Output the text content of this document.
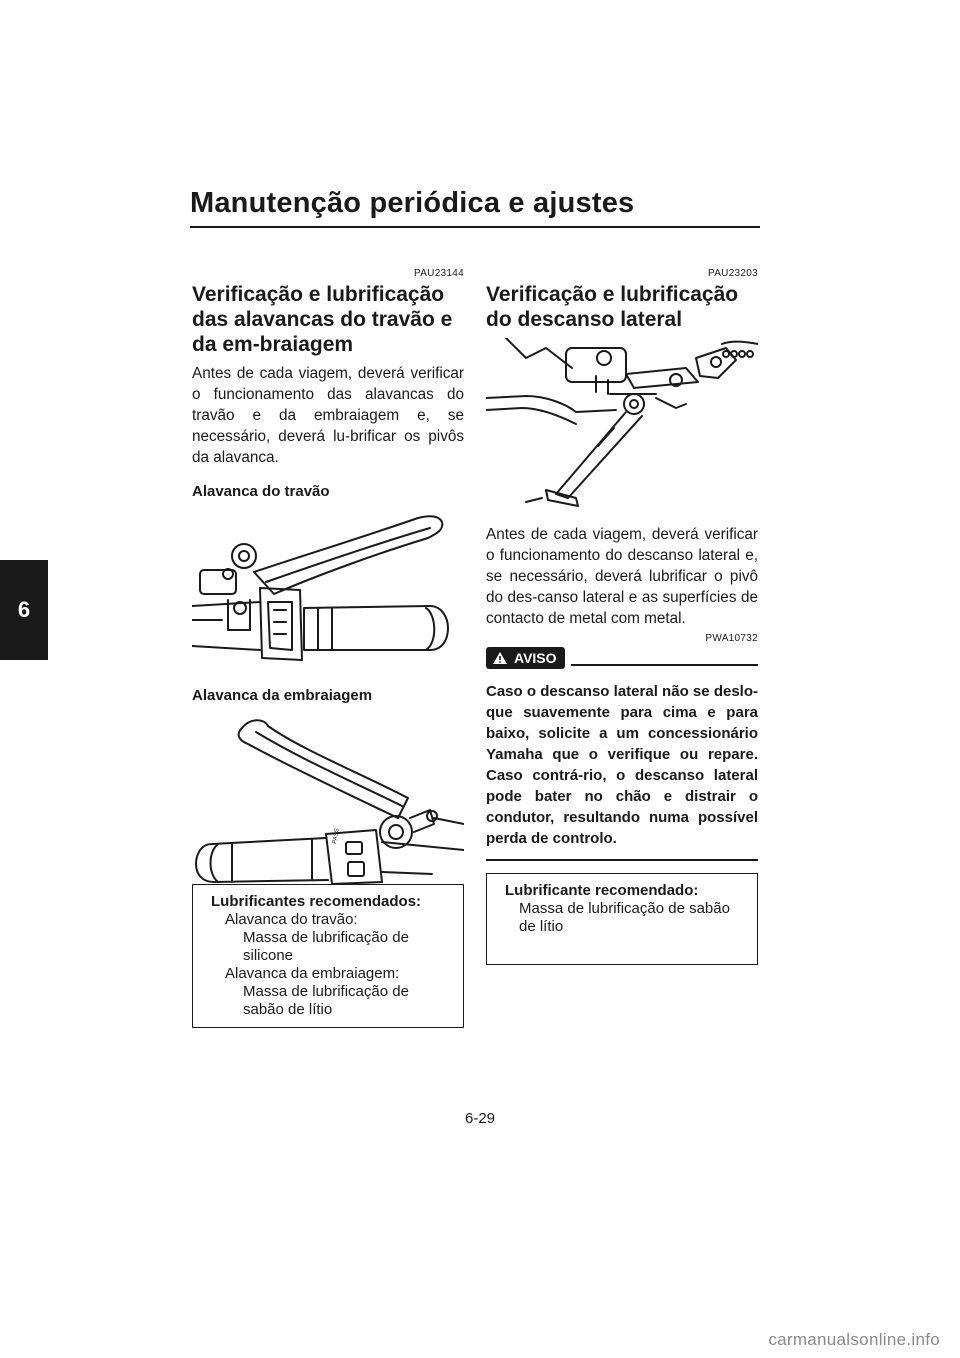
Manutenção periódica e ajustes
6
PAU23144
Verificação e lubrificação das alavancas do travão e da em-braiagem

Antes de cada viagem, deverá verificar o funcionamento das alavancas do travão e da embraiagem e, se necessário, deverá lu-brificar os pivôs da alavanca.

Alavanca do travão
Alavanca da embraiagem
PASS
Lubrificantes recomendados:
Alavanca do travão:
Massa de lubrificação de silicone
Alavanca da embraiagem:
Massa de lubrificação de sabão de lítio
PAU23203
Verificação e lubrificação do descanso lateral

Antes de cada viagem, deverá verificar o funcionamento do descanso lateral e, se necessário, deverá lubrificar o pivô do des-canso lateral e as superfícies de contacto de metal com metal.

PWA10732
AVISO
Caso o descanso lateral não se deslo-que suavemente para cima e para baixo, solicite a um concessionário Yamaha que o verifique ou repare. Caso contrá-rio, o descanso lateral pode bater no chão e distrair o condutor, resultando numa possível perda de controlo.
Lubrificante recomendado:
Massa de lubrificação de sabão de lítio
6-29
carmanualsonline.info
